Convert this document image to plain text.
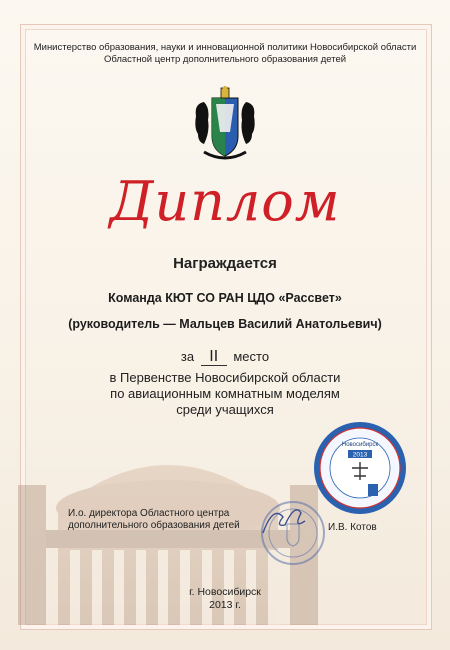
Министерство образования, науки и инновационной политики Новосибирской области
Областной центр дополнительного образования детей
Диплом
Награждается
Команда КЮТ СО РАН ЦДО «Рассвет»
(руководитель — Мальцев Василий Анатольевич)
за II место
в Первенстве Новосибирской области
по авиационным комнатным моделям
среди учащихся
Новосибирск
2013
И.о. директора Областного центра
дополнительного образования детей	И.В. Котов
г. Новосибирск
2013 г.
